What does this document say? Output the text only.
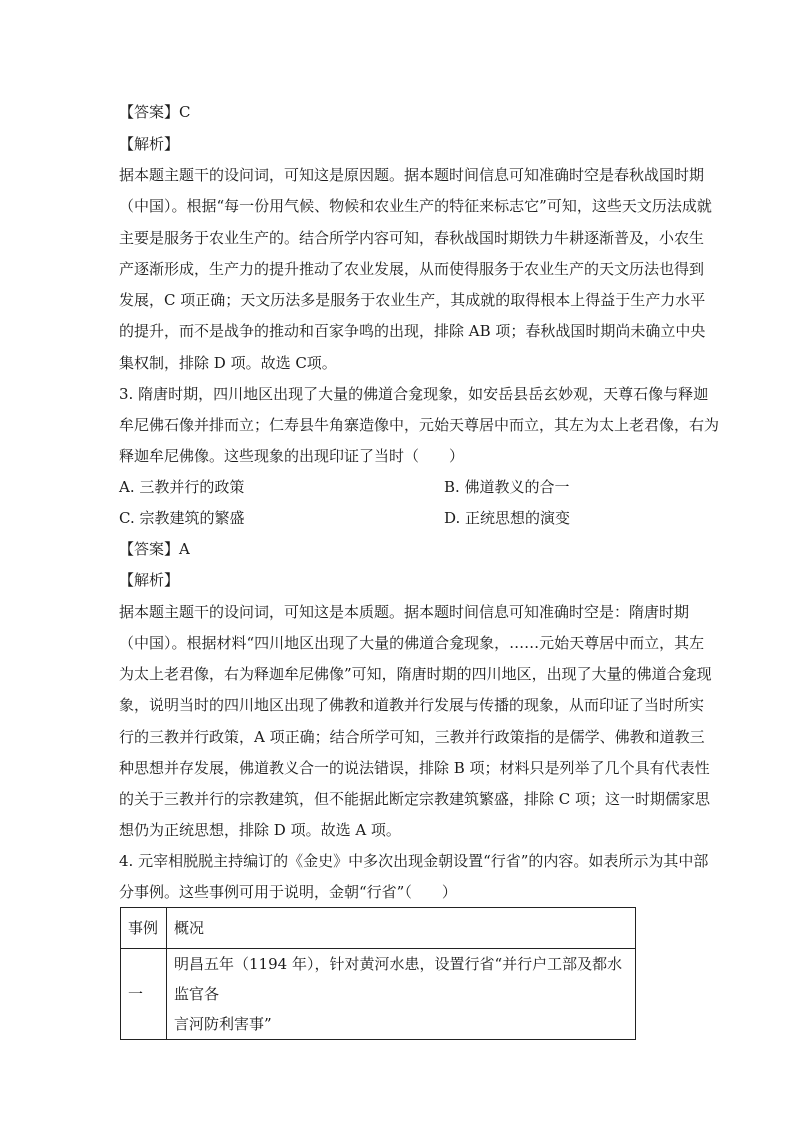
【答案】C
【解析】
据本题主题干的设问词，可知这是原因题。据本题时间信息可知准确时空是春秋战国时期
（中国）。根据“每一份用气候、物候和农业生产的特征来标志它”可知，这些天文历法成就
主要是服务于农业生产的。结合所学内容可知，春秋战国时期铁力牛耕逐渐普及，小农生
产逐渐形成，生产力的提升推动了农业发展，从而使得服务于农业生产的天文历法也得到
发展，C 项正确；天文历法多是服务于农业生产，其成就的取得根本上得益于生产力水平
的提升，而不是战争的推动和百家争鸣的出现，排除 AB 项；春秋战国时期尚未确立中央
集权制，排除 D 项。故选 C项。
3. 隋唐时期，四川地区出现了大量的佛道合龛现象，如安岳县岳玄妙观，天尊石像与释迦
牟尼佛石像并排而立；仁寿县牛角寨造像中，元始天尊居中而立，其左为太上老君像，右为
释迦牟尼佛像。这些现象的出现印证了当时（　　）
A. 三教并行的政策	B. 佛道教义的合一
C. 宗教建筑的繁盛	D. 正统思想的演变
【答案】A
【解析】
据本题主题干的设问词，可知这是本质题。据本题时间信息可知准确时空是：隋唐时期
（中国）。根据材料“四川地区出现了大量的佛道合龛现象，……元始天尊居中而立，其左
为太上老君像，右为释迦牟尼佛像”可知，隋唐时期的四川地区，出现了大量的佛道合龛现
象，说明当时的四川地区出现了佛教和道教并行发展与传播的现象，从而印证了当时所实
行的三教并行政策，A 项正确；结合所学可知，三教并行政策指的是儒学、佛教和道教三
种思想并存发展，佛道教义合一的说法错误，排除 B 项；材料只是列举了几个具有代表性
的关于三教并行的宗教建筑，但不能据此断定宗教建筑繁盛，排除 C 项；这一时期儒家思
想仍为正统思想，排除 D 项。故选 A 项。
4. 元宰相脱脱主持编订的《金史》中多次出现金朝设置“行省”的内容。如表所示为其中部
分事例。这些事例可用于说明，金朝“行省”（　　）
事例	概况
一	明昌五年（1194 年），针对黄河水患，设置行省“并行户工部及都水监官各
言河防利害事”
